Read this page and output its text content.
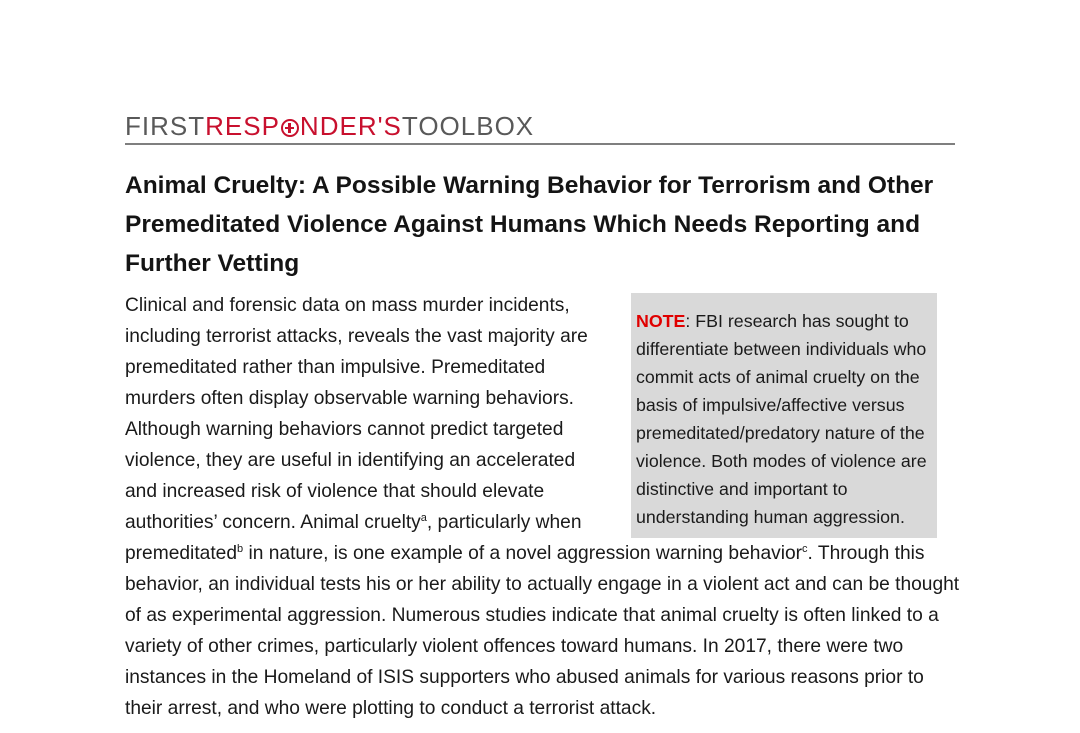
FIRSTRESP NDER'STOOLBOX
Animal Cruelty: A Possible Warning Behavior for Terrorism and Other Premeditated Violence Against Humans Which Needs Reporting and Further Vetting
NOTE: FBI research has sought to differentiate between individuals who commit acts of animal cruelty on the basis of impulsive/affective versus premeditated/predatory nature of the violence. Both modes of violence are distinctive and important to understanding human aggression.

Clinical and forensic data on mass murder incidents, including terrorist attacks, reveals the vast majority are premeditated rather than impulsive. Premeditated murders often display observable warning behaviors. Although warning behaviors cannot predict targeted violence, they are useful in identifying an accelerated and increased risk of violence that should elevate authorities’ concern. Animal cruelty$^a$, particularly when premeditated$^b$ in nature, is one example of a novel aggression warning behavior$^c$. Through this behavior, an individual tests his or her ability to actually engage in a violent act and can be thought of as experimental aggression. Numerous studies indicate that animal cruelty is often linked to a variety of other crimes, particularly violent offences toward humans. In 2017, there were two instances in the Homeland of ISIS supporters who abused animals for various reasons prior to their arrest, and who were plotting to conduct a terrorist attack.
